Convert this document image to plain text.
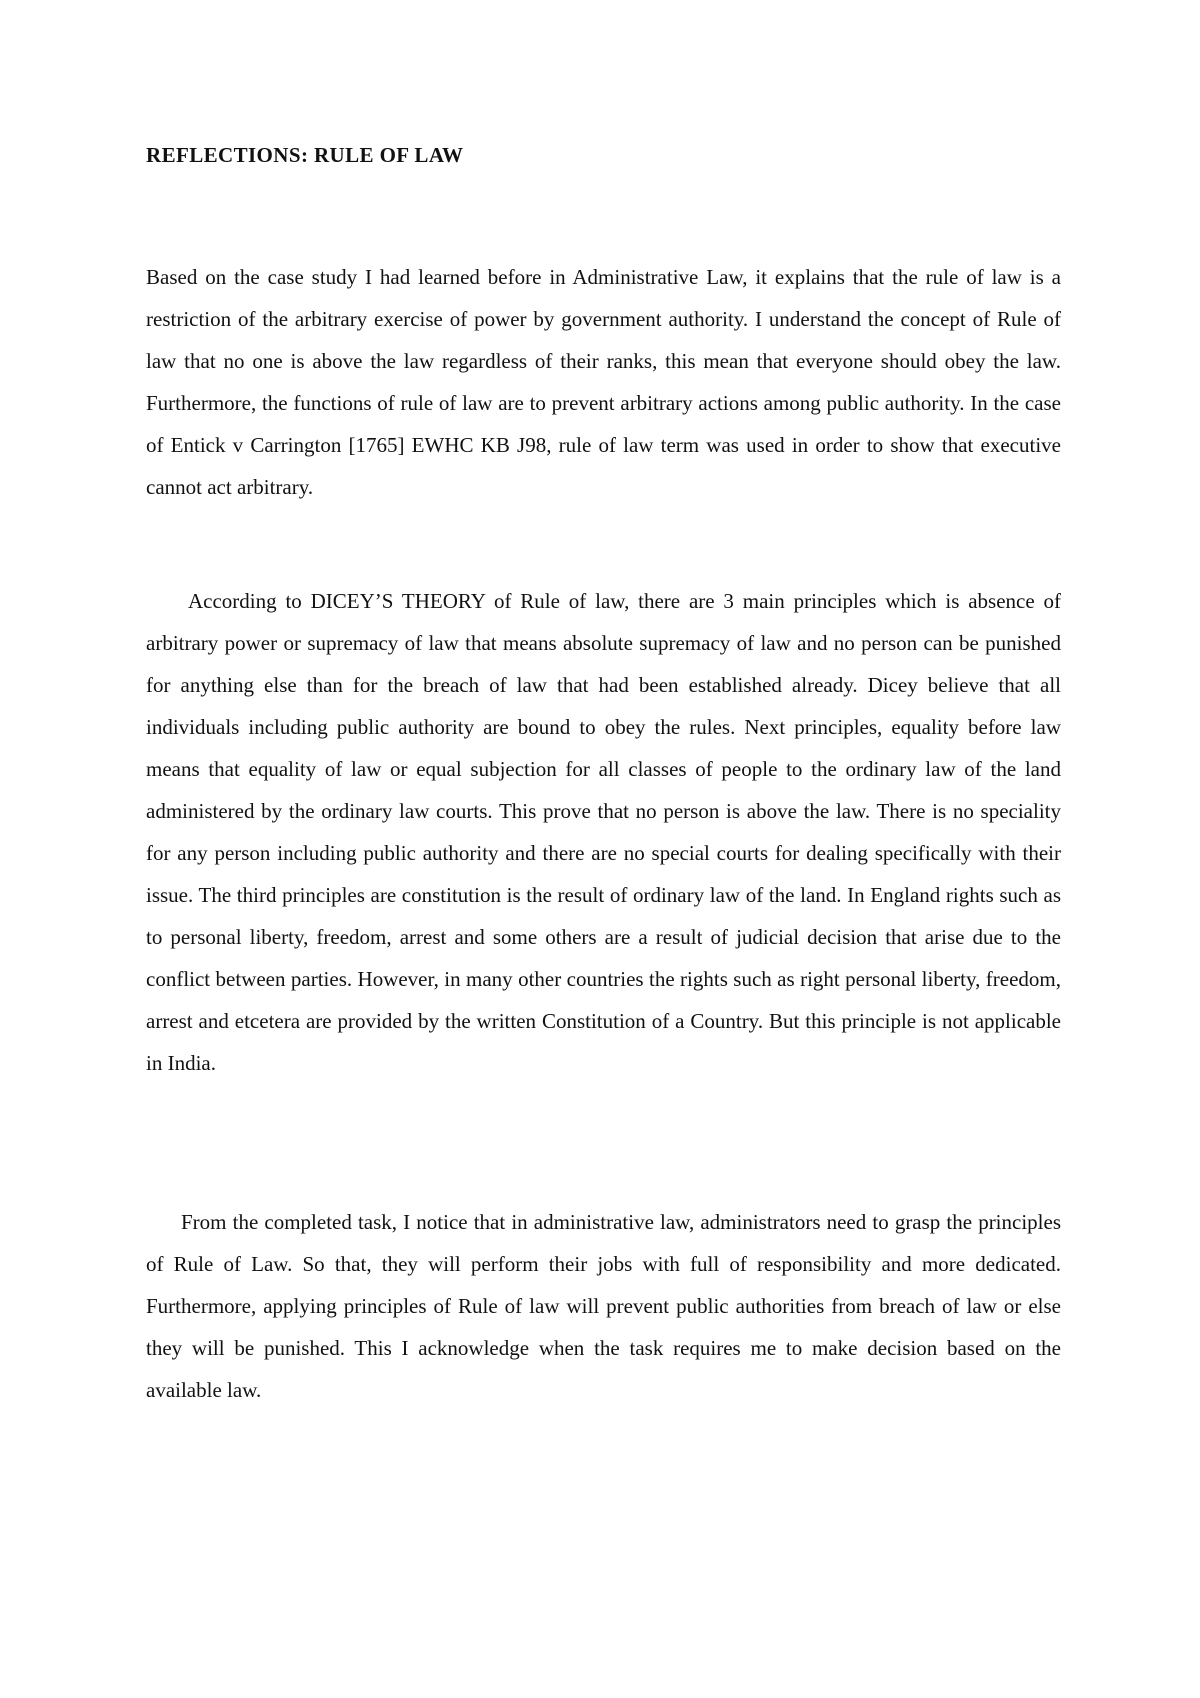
REFLECTIONS: RULE OF LAW

Based on the case study I had learned before in Administrative Law, it explains that the rule of law is a restriction of the arbitrary exercise of power by government authority. I understand the concept of Rule of law that no one is above the law regardless of their ranks, this mean that everyone should obey the law. Furthermore, the functions of rule of law are to prevent arbitrary actions among public authority. In the case of Entick v Carrington [1765] EWHC KB J98, rule of law term was used in order to show that executive cannot act arbitrary.

According to DICEY’S THEORY of Rule of law, there are 3 main principles which is absence of arbitrary power or supremacy of law that means absolute supremacy of law and no person can be punished for anything else than for the breach of law that had been established already. Dicey believe that all individuals including public authority are bound to obey the rules. Next principles, equality before law means that equality of law or equal subjection for all classes of people to the ordinary law of the land administered by the ordinary law courts. This prove that no person is above the law. There is no speciality for any person including public authority and there are no special courts for dealing specifically with their issue. The third principles are constitution is the result of ordinary law of the land. In England rights such as to personal liberty, freedom, arrest and some others are a result of judicial decision that arise due to the conflict between parties. However, in many other countries the rights such as right personal liberty, freedom, arrest and etcetera are provided by the written Constitution of a Country. But this principle is not applicable in India.

From the completed task, I notice that in administrative law, administrators need to grasp the principles of Rule of Law. So that, they will perform their jobs with full of responsibility and more dedicated. Furthermore, applying principles of Rule of law will prevent public authorities from breach of law or else they will be punished. This I acknowledge when the task requires me to make decision based on the available law.
